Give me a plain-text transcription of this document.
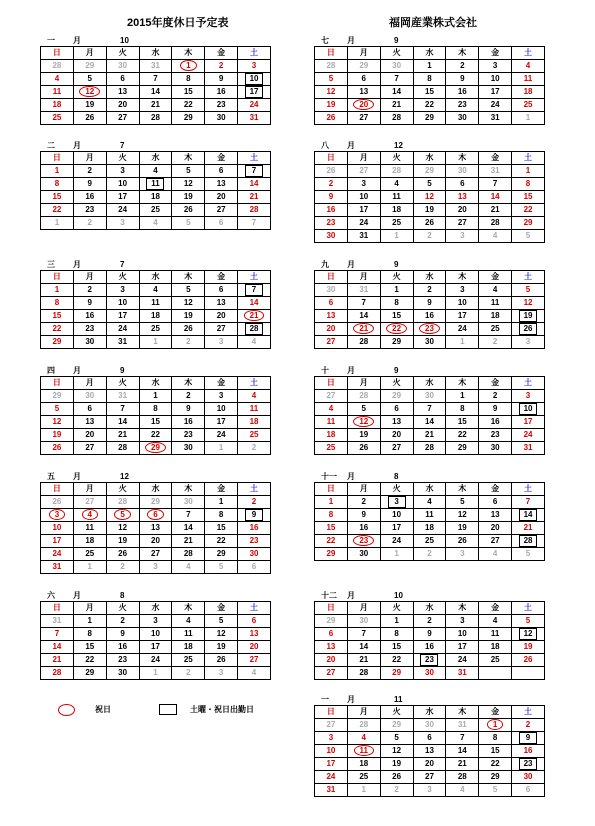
2015年度休日予定表	福岡産業株式会社
一 月	10
日	月	火	水	木	金	土
28	29	30	31	1	2	3
4	5	6	7	8	9	10
11	12	13	14	15	16	17
18	19	20	21	22	23	24
25	26	27	28	29	30	31
二 月	7
日	月	火	水	木	金	土
1	2	3	4	5	6	7
8	9	10	11	12	13	14
15	16	17	18	19	20	21
22	23	24	25	26	27	28
1	2	3	4	5	6	7
三 月	7
日	月	火	水	木	金	土
1	2	3	4	5	6	7
8	9	10	11	12	13	14
15	16	17	18	19	20	21
22	23	24	25	26	27	28
29	30	31	1	2	3	4
四 月	9
日	月	火	水	木	金	土
29	30	31	1	2	3	4
5	6	7	8	9	10	11
12	13	14	15	16	17	18
19	20	21	22	23	24	25
26	27	28	29	30	1	2
五 月	12
日	月	火	水	木	金	土
26	27	28	29	30	1	2
3	4	5	6	7	8	9
10	11	12	13	14	15	16
17	18	19	20	21	22	23
24	25	26	27	28	29	30
31	1	2	3	4	5	6
六 月	8
日	月	火	水	木	金	土
31	1	2	3	4	5	6
7	8	9	10	11	12	13
14	15	16	17	18	19	20
21	22	23	24	25	26	27
28	29	30	1	2	3	4
七 月	9
日	月	火	水	木	金	土
28	29	30	1	2	3	4
5	6	7	8	9	10	11
12	13	14	15	16	17	18
19	20	21	22	23	24	25
26	27	28	29	30	31	1
八 月	12
日	月	火	水	木	金	土
26	27	28	29	30	31	1
2	3	4	5	6	7	8
9	10	11	12	13	14	15
16	17	18	19	20	21	22
23	24	25	26	27	28	29
30	31	1	2	3	4	5
九 月	9
日	月	火	水	木	金	土
30	31	1	2	3	4	5
6	7	8	9	10	11	12
13	14	15	16	17	18	19
20	21	22	23	24	25	26
27	28	29	30	1	2	3
十 月	9
日	月	火	水	木	金	土
27	28	29	30	1	2	3
4	5	6	7	8	9	10
11	12	13	14	15	16	17
18	19	20	21	22	23	24
25	26	27	28	29	30	31
十一 月	8
日	月	火	水	木	金	土
1	2	3	4	5	6	7
8	9	10	11	12	13	14
15	16	17	18	19	20	21
22	23	24	25	26	27	28
29	30	1	2	3	4	5
十二 月	10
日	月	火	水	木	金	土
29	30	1	2	3	4	5
6	7	8	9	10	11	12
13	14	15	16	17	18	19
20	21	22	23	24	25	26
27	28	29	30	31		
一 月	11
日	月	火	水	木	金	土
27	28	29	30	31	1	2
3	4	5	6	7	8	9
10	11	12	13	14	15	16
17	18	19	20	21	22	23
24	25	26	27	28	29	30
31	1	2	3	4	5	6
祝日	土曜・祝日出勤日
